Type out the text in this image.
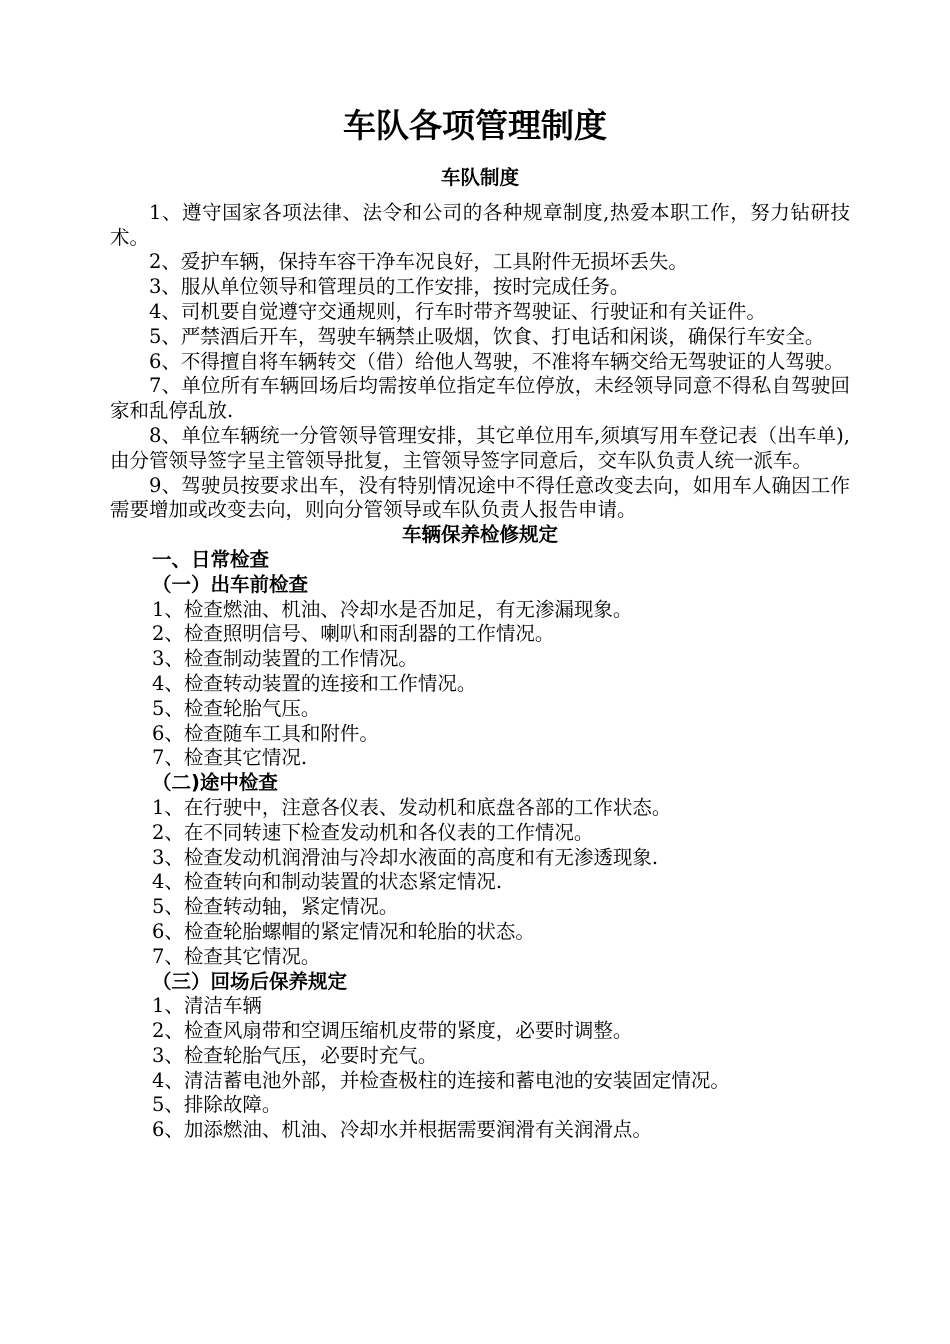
车队各项管理制度
车队制度

1、遵守国家各项法律、法令和公司的各种规章制度,热爱本职工作，努力钻研技术。

2、爱护车辆，保持车容干净车况良好，工具附件无损坏丢失。

3、服从单位领导和管理员的工作安排，按时完成任务。

4、司机要自觉遵守交通规则，行车时带齐驾驶证、行驶证和有关证件。

5、严禁酒后开车，驾驶车辆禁止吸烟，饮食、打电话和闲谈，确保行车安全。

6、不得擅自将车辆转交（借）给他人驾驶，不准将车辆交给无驾驶证的人驾驶。

7、单位所有车辆回场后均需按单位指定车位停放，未经领导同意不得私自驾驶回家和乱停乱放.

8、单位车辆统一分管领导管理安排，其它单位用车,须填写用车登记表（出车单),由分管领导签字呈主管领导批复，主管领导签字同意后，交车队负责人统一派车。

9、驾驶员按要求出车，没有特别情况途中不得任意改变去向，如用车人确因工作需要增加或改变去向，则向分管领导或车队负责人报告申请。

车辆保养检修规定
一、日常检查
（一）出车前检查
1、检查燃油、机油、冷却水是否加足，有无渗漏现象。
2、检查照明信号、喇叭和雨刮器的工作情况。
3、检查制动装置的工作情况。
4、检查转动装置的连接和工作情况。
5、检查轮胎气压。
6、检查随车工具和附件。
7、检查其它情况.
（二)途中检查
1、在行驶中，注意各仪表、发动机和底盘各部的工作状态。
2、在不同转速下检查发动机和各仪表的工作情况。
3、检查发动机润滑油与冷却水液面的高度和有无渗透现象.
4、检查转向和制动装置的状态紧定情况.
5、检查转动轴，紧定情况。
6、检查轮胎螺帽的紧定情况和轮胎的状态。
7、检查其它情况。
（三）回场后保养规定
1、清洁车辆
2、检查风扇带和空调压缩机皮带的紧度，必要时调整。
3、检查轮胎气压，必要时充气。
4、清洁蓄电池外部，并检查极柱的连接和蓄电池的安装固定情况。
5、排除故障。
6、加添燃油、机油、冷却水并根据需要润滑有关润滑点。
